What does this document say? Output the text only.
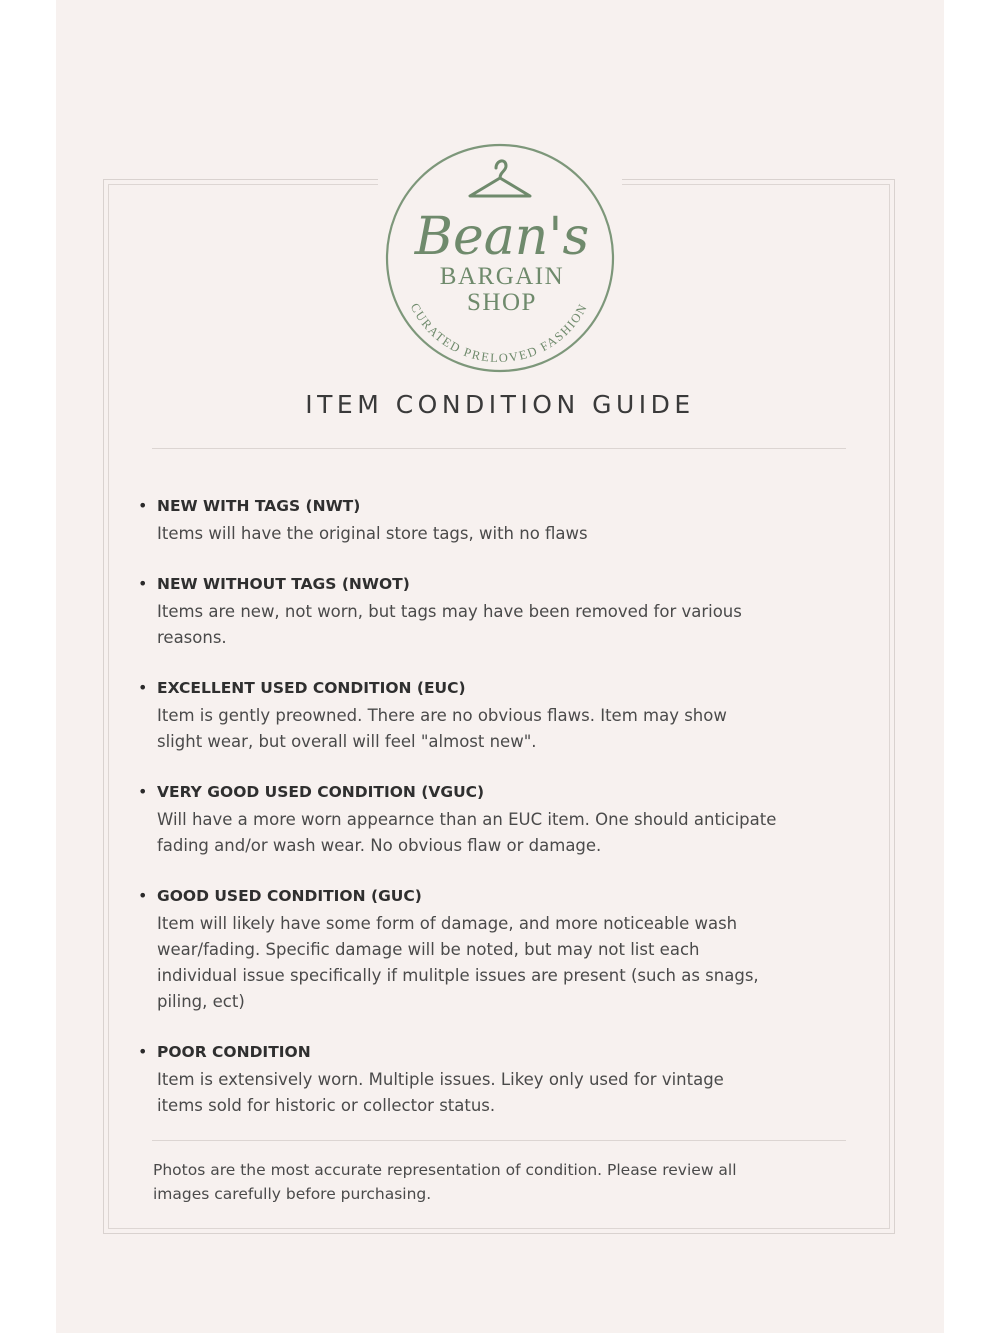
Bean's
BARGAIN
SHOP
CURATED PRELOVED FASHION
ITEM CONDITION GUIDE
• NEW WITH TAGS (NWT)
Items will have the original store tags, with no flaws
• NEW WITHOUT TAGS (NWOT)
Items are new, not worn, but tags may have been removed for various
reasons.
• EXCELLENT USED CONDITION (EUC)
Item is gently preowned. There are no obvious flaws. Item may show
slight wear, but overall will feel "almost new".
• VERY GOOD USED CONDITION (VGUC)
Will have a more worn appearnce than an EUC item. One should anticipate
fading and/or wash wear. No obvious flaw or damage.
• GOOD USED CONDITION (GUC)
Item will likely have some form of damage, and more noticeable wash
wear/fading. Specific damage will be noted, but may not list each
individual issue specifically if mulitple issues are present (such as snags,
piling, ect)
• POOR CONDITION
Item is extensively worn. Multiple issues. Likey only used for vintage
items sold for historic or collector status.
Photos are the most accurate representation of condition. Please review all
images carefully before purchasing.
